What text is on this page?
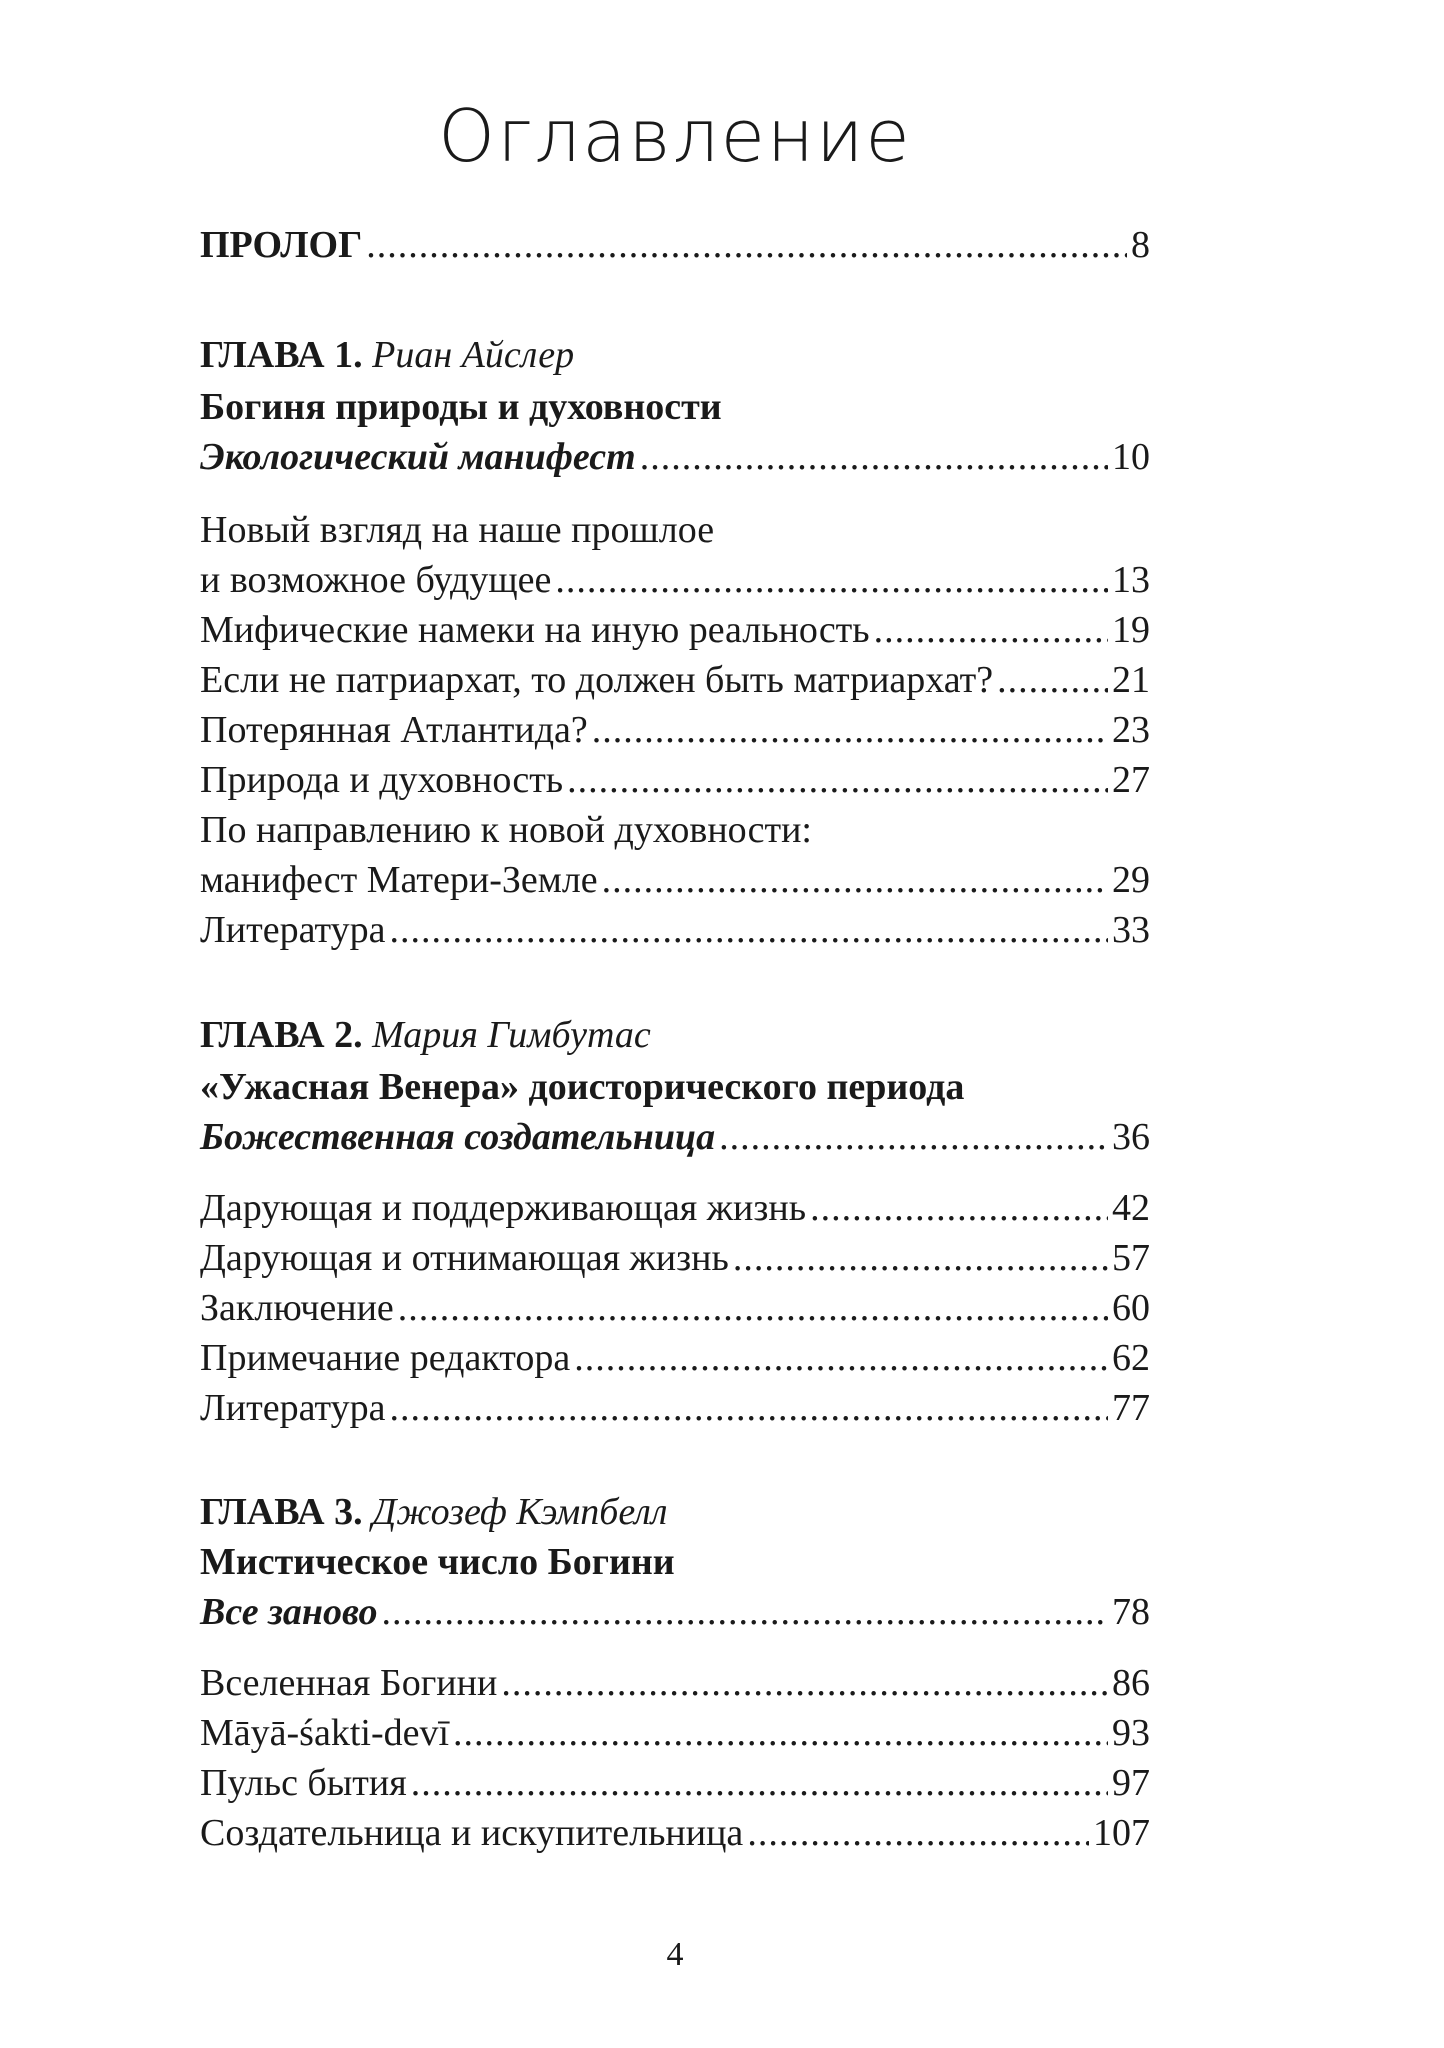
Оглавление
ПРОЛОГ .....	8
ГЛАВА 1. Риан Айслер
Богиня природы и духовности
Экологический манифест .....	10
Новый взгляд на наше прошлое
и возможное будущее .....	13
Мифические намеки на иную реальность .....	19
Если не патриархат, то должен быть матриархат? .....	21
Потерянная Атлантида? .....	23
Природа и духовность .....	27
По направлению к новой духовности:
манифест Матери-Земле .....	29
Литература .....	33
ГЛАВА 2. Мария Гимбутас
«Ужасная Венера» доисторического периода
Божественная создательница .....	36
Дарующая и поддерживающая жизнь .....	42
Дарующая и отнимающая жизнь .....	57
Заключение .....	60
Примечание редактора .....	62
Литература .....	77
ГЛАВА 3. Джозеф Кэмпбелл
Мистическое число Богини
Все заново .....	78
Вселенная Богини .....	86
Māyā-śakti-devī .....	93
Пульс бытия .....	97
Создательница и искупительница .....	107
4
